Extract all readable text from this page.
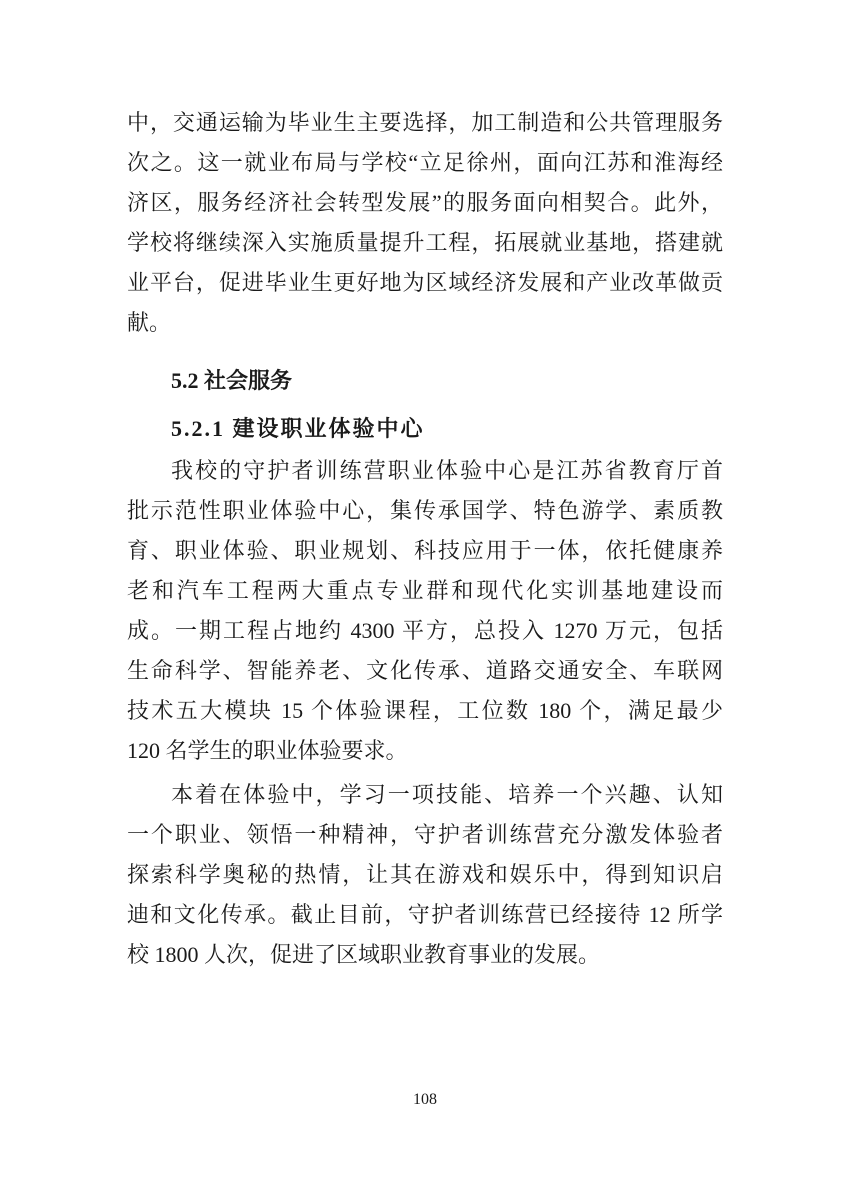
中，交通运输为毕业生主要选择，加工制造和公共管理服务
次之。这一就业布局与学校“立足徐州，面向江苏和淮海经
济区，服务经济社会转型发展”的服务面向相契合。此外，
学校将继续深入实施质量提升工程，拓展就业基地，搭建就
业平台，促进毕业生更好地为区域经济发展和产业改革做贡
献。
5.2 社会服务
5.2.1 建设职业体验中心
我校的守护者训练营职业体验中心是江苏省教育厅首
批示范性职业体验中心，集传承国学、特色游学、素质教
育、职业体验、职业规划、科技应用于一体，依托健康养
老和汽车工程两大重点专业群和现代化实训基地建设而
成。一期工程占地约 4300 平方，总投入 1270 万元，包括
生命科学、智能养老、文化传承、道路交通安全、车联网
技术五大模块 15 个体验课程，工位数 180 个，满足最少
120 名学生的职业体验要求。
本着在体验中，学习一项技能、培养一个兴趣、认知
一个职业、领悟一种精神，守护者训练营充分激发体验者
探索科学奥秘的热情，让其在游戏和娱乐中，得到知识启
迪和文化传承。截止目前，守护者训练营已经接待 12 所学
校 1800 人次，促进了区域职业教育事业的发展。
108
